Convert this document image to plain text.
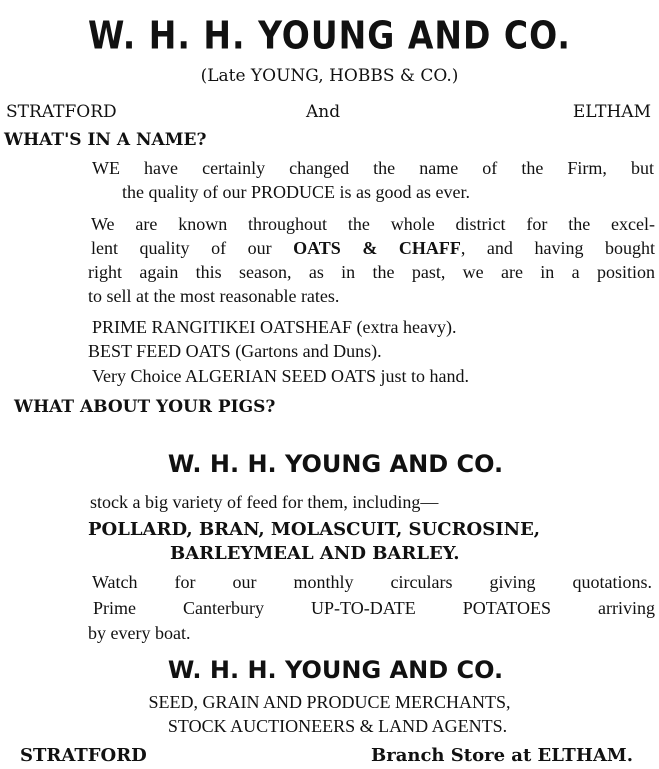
W. H. H. YOUNG AND CO.
(Late YOUNG, HOBBS & CO.)
STRATFORD	And	ELTHAM
WHAT'S IN A NAME?
WE have certainly changed the name of the Firm, but
the quality of our PRODUCE is as good as ever.
We are known throughout the whole district for the excel-
lent quality of our OATS & CHAFF, and having bought
right again this season, as in the past, we are in a position
to sell at the most reasonable rates.
PRIME RANGITIKEI OATSHEAF (extra heavy).
BEST FEED OATS (Gartons and Duns).
Very Choice ALGERIAN SEED OATS just to hand.
WHAT ABOUT YOUR PIGS?
W. H. H. YOUNG AND CO.
stock a big variety of feed for them, including—
POLLARD, BRAN, MOLASCUIT, SUCROSINE,
BARLEYMEAL AND BARLEY.
Watch for our monthly circulars giving quotations.
Prime Canterbury UP-TO-DATE POTATOES arriving
by every boat.
W. H. H. YOUNG AND CO.
SEED, GRAIN AND PRODUCE MERCHANTS,
STOCK AUCTIONEERS & LAND AGENTS.
STRATFORD	Branch Store at ELTHAM.
